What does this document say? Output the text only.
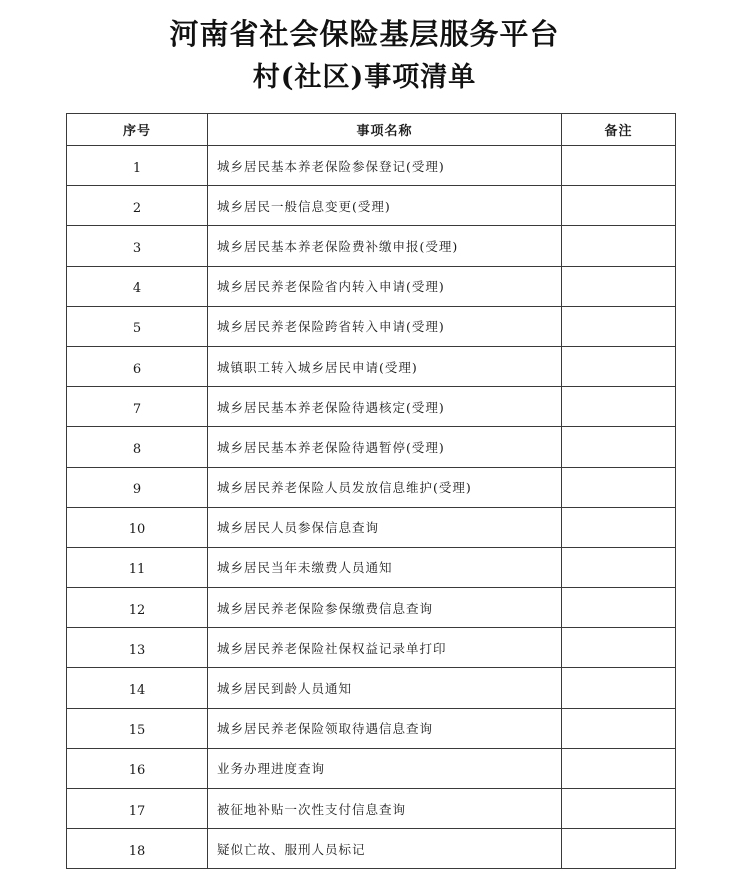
河南省社会保险基层服务平台
村(社区)事项清单
序号	事项名称	备注
1	城乡居民基本养老保险参保登记(受理)	
2	城乡居民一般信息变更(受理)	
3	城乡居民基本养老保险费补缴申报(受理)	
4	城乡居民养老保险省内转入申请(受理)	
5	城乡居民养老保险跨省转入申请(受理)	
6	城镇职工转入城乡居民申请(受理)	
7	城乡居民基本养老保险待遇核定(受理)	
8	城乡居民基本养老保险待遇暂停(受理)	
9	城乡居民养老保险人员发放信息维护(受理)	
10	城乡居民人员参保信息查询	
11	城乡居民当年未缴费人员通知	
12	城乡居民养老保险参保缴费信息查询	
13	城乡居民养老保险社保权益记录单打印	
14	城乡居民到龄人员通知	
15	城乡居民养老保险领取待遇信息查询	
16	业务办理进度查询	
17	被征地补贴一次性支付信息查询	
18	疑似亡故、服刑人员标记	
